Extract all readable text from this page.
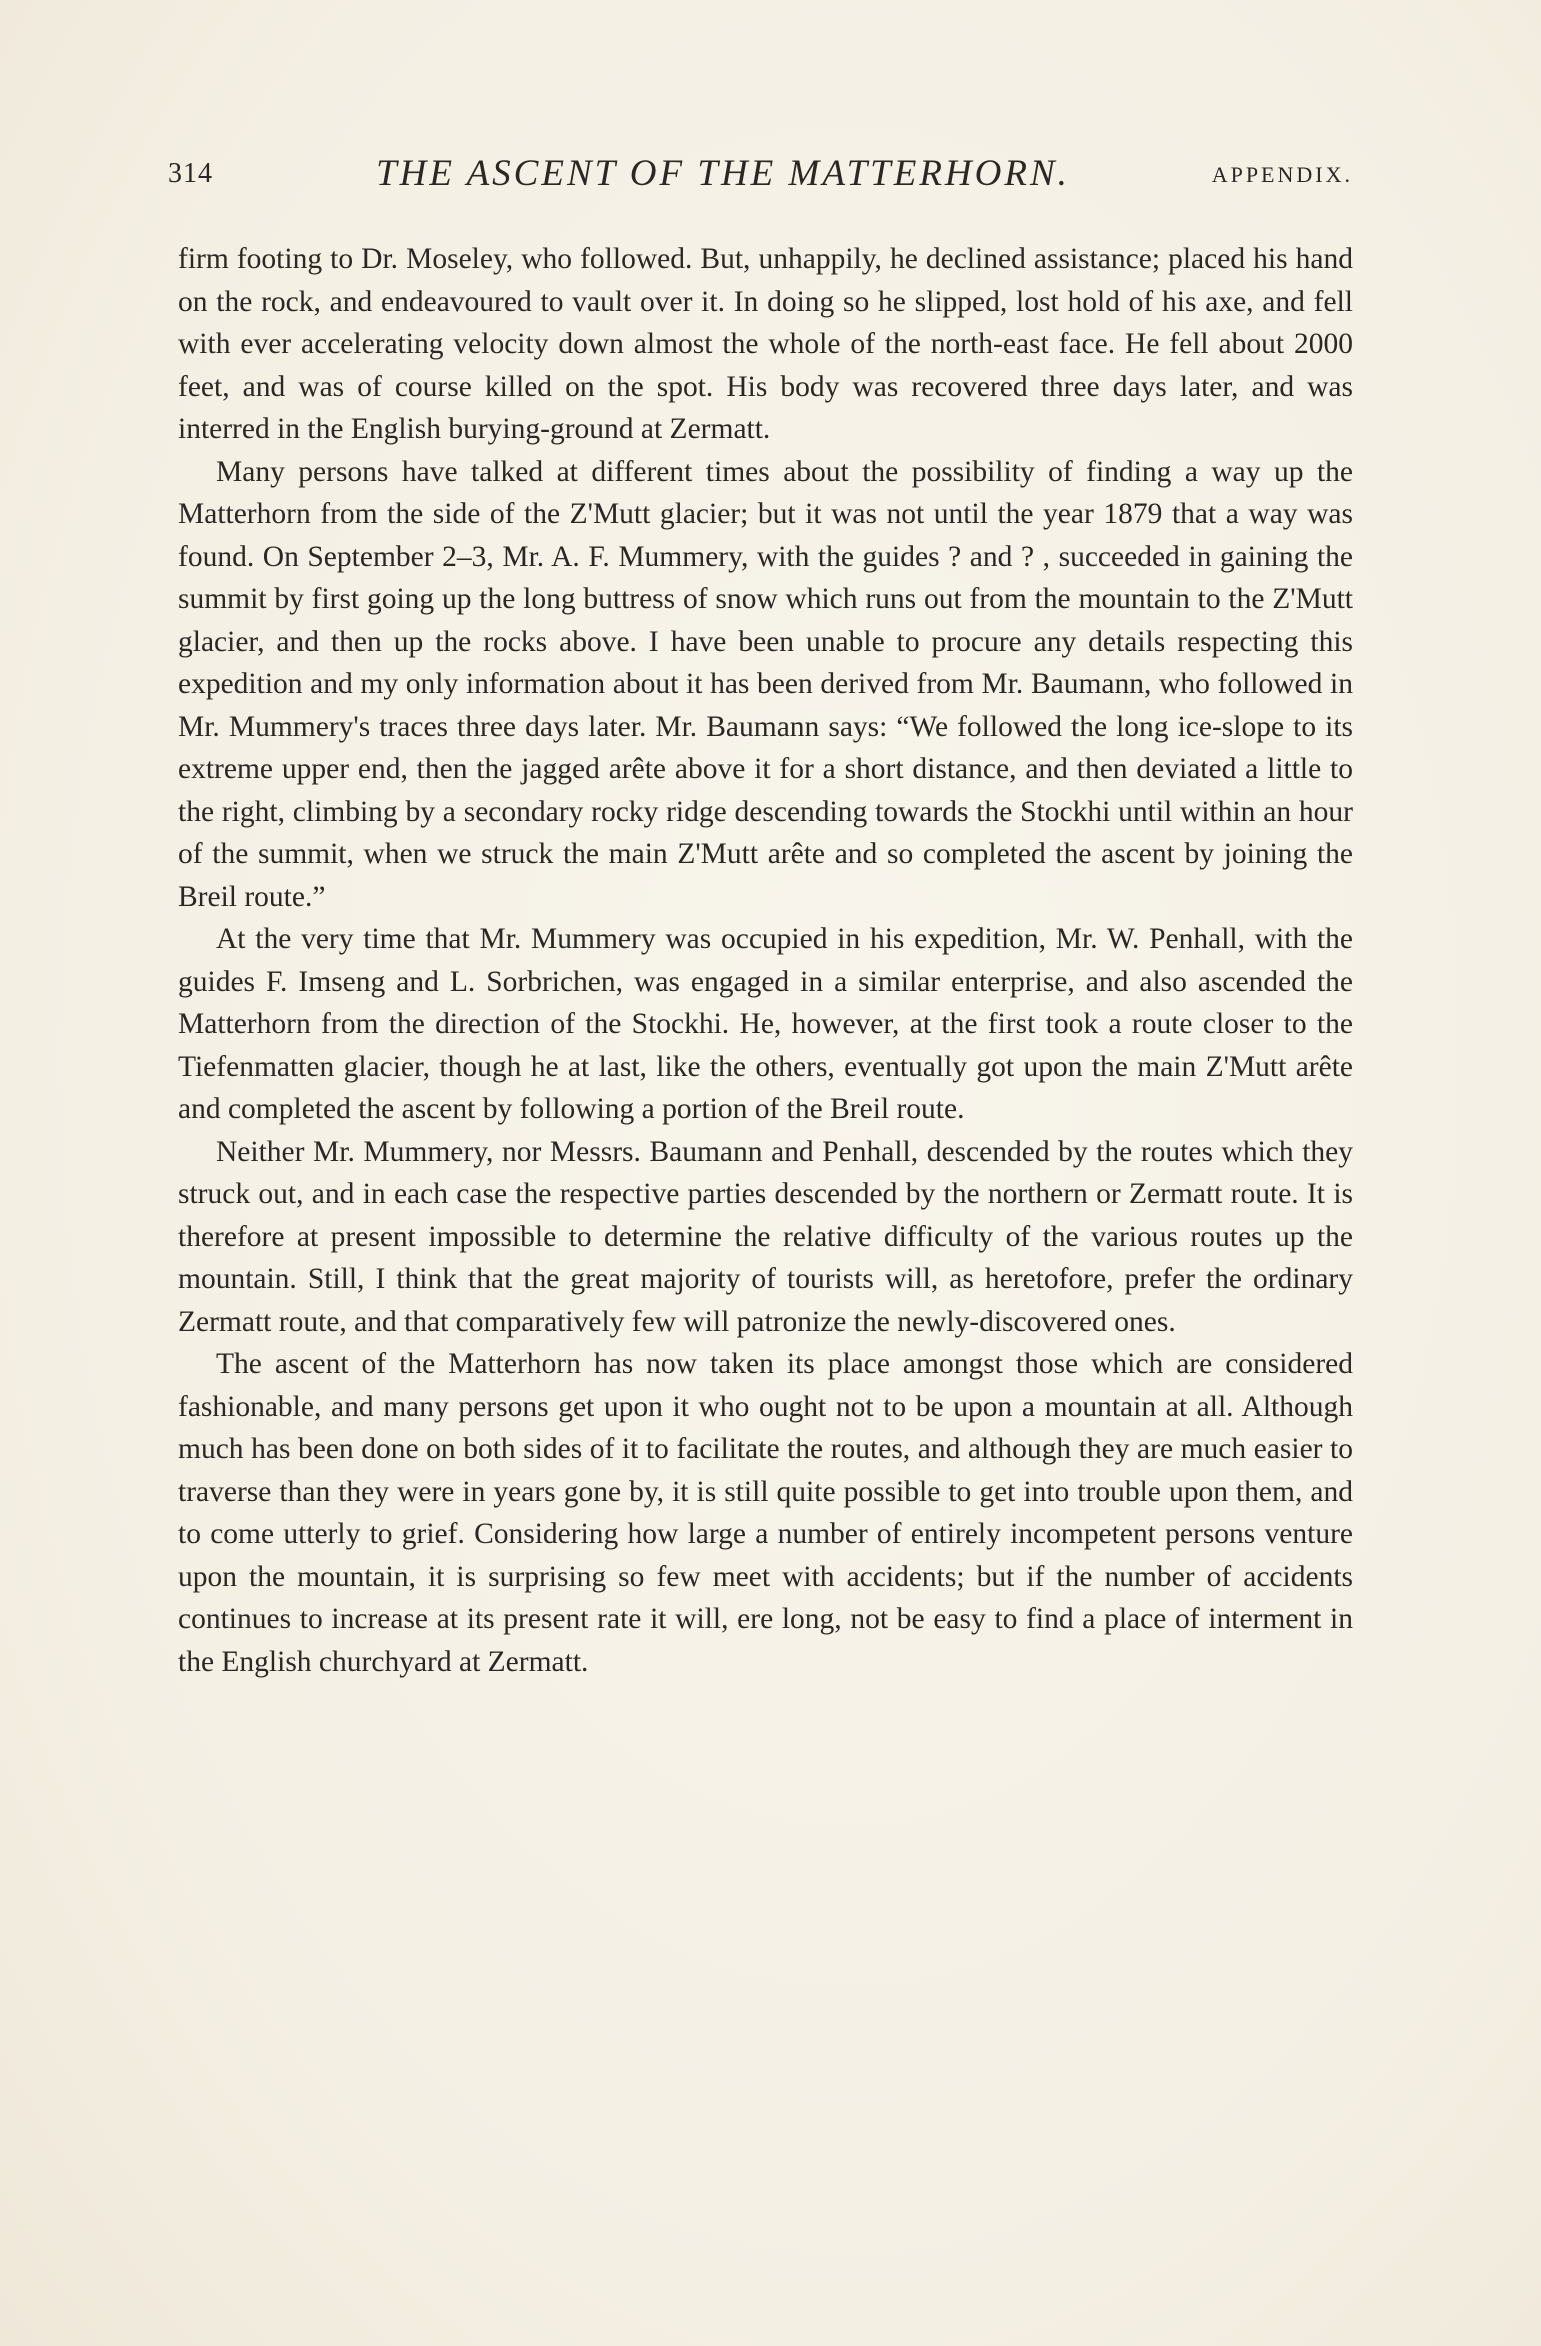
314	THE ASCENT OF THE MATTERHORN.	APPENDIX.

firm footing to Dr. Moseley, who followed. But, unhappily, he declined assistance; placed his hand on the rock, and endeavoured to vault over it. In doing so he slipped, lost hold of his axe, and fell with ever accelerating velocity down almost the whole of the north-east face. He fell about 2000 feet, and was of course killed on the spot. His body was recovered three days later, and was interred in the English burying-ground at Zermatt.

Many persons have talked at different times about the possibility of finding a way up the Matterhorn from the side of the Z'Mutt glacier; but it was not until the year 1879 that a way was found. On September 2–3, Mr. A. F. Mummery, with the guides ? and ? , succeeded in gaining the summit by first going up the long buttress of snow which runs out from the mountain to the Z'Mutt glacier, and then up the rocks above. I have been unable to procure any details respecting this expedition and my only information about it has been derived from Mr. Baumann, who followed in Mr. Mummery's traces three days later. Mr. Baumann says: “We followed the long ice-slope to its extreme upper end, then the jagged arête above it for a short distance, and then deviated a little to the right, climbing by a secondary rocky ridge descending towards the Stockhi until within an hour of the summit, when we struck the main Z'Mutt arête and so completed the ascent by joining the Breil route.”

At the very time that Mr. Mummery was occupied in his expedition, Mr. W. Penhall, with the guides F. Imseng and L. Sorbrichen, was engaged in a similar enterprise, and also ascended the Matterhorn from the direction of the Stockhi. He, however, at the first took a route closer to the Tiefenmatten glacier, though he at last, like the others, eventually got upon the main Z'Mutt arête and completed the ascent by following a portion of the Breil route.

Neither Mr. Mummery, nor Messrs. Baumann and Penhall, descended by the routes which they struck out, and in each case the respective parties descended by the northern or Zermatt route. It is therefore at present impossible to determine the relative difficulty of the various routes up the mountain. Still, I think that the great majority of tourists will, as heretofore, prefer the ordinary Zermatt route, and that comparatively few will patronize the newly-discovered ones.

The ascent of the Matterhorn has now taken its place amongst those which are considered fashionable, and many persons get upon it who ought not to be upon a mountain at all. Although much has been done on both sides of it to facilitate the routes, and although they are much easier to traverse than they were in years gone by, it is still quite possible to get into trouble upon them, and to come utterly to grief. Considering how large a number of entirely incompetent persons venture upon the mountain, it is surprising so few meet with accidents; but if the number of accidents continues to increase at its present rate it will, ere long, not be easy to find a place of interment in the English churchyard at Zermatt.
